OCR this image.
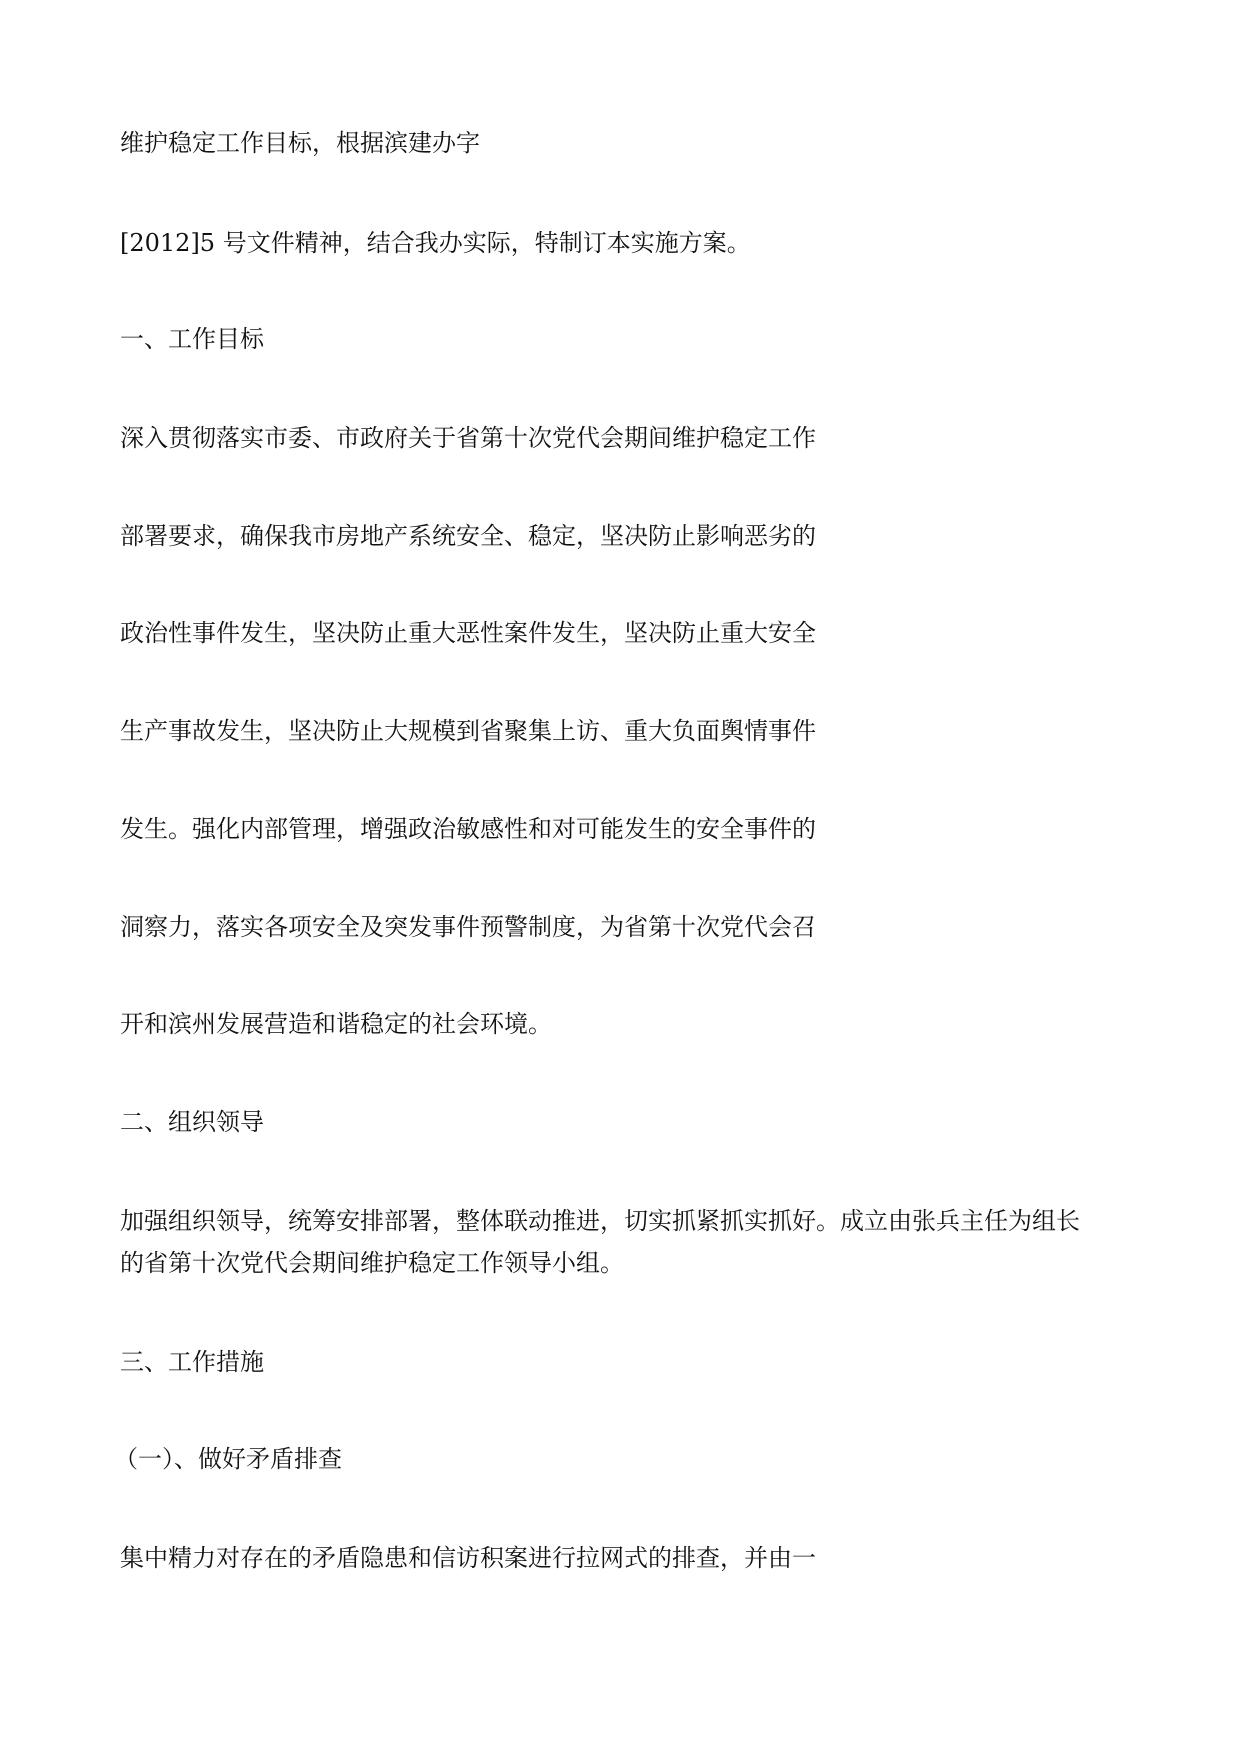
维护稳定工作目标，根据滨建办字

[2012]5 号文件精神，结合我办实际，特制订本实施方案。

一、工作目标

深入贯彻落实市委、市政府关于省第十次党代会期间维护稳定工作

部署要求，确保我市房地产系统安全、稳定，坚决防止影响恶劣的

政治性事件发生，坚决防止重大恶性案件发生，坚决防止重大安全

生产事故发生，坚决防止大规模到省聚集上访、重大负面舆情事件

发生。强化内部管理，增强政治敏感性和对可能发生的安全事件的

洞察力，落实各项安全及突发事件预警制度，为省第十次党代会召

开和滨州发展营造和谐稳定的社会环境。

二、组织领导

加强组织领导，统筹安排部署，整体联动推进，切实抓紧抓实抓好。成立由张兵主任为组长

的省第十次党代会期间维护稳定工作领导小组。

三、工作措施

（一）、做好矛盾排查

集中精力对存在的矛盾隐患和信访积案进行拉网式的排查，并由一
